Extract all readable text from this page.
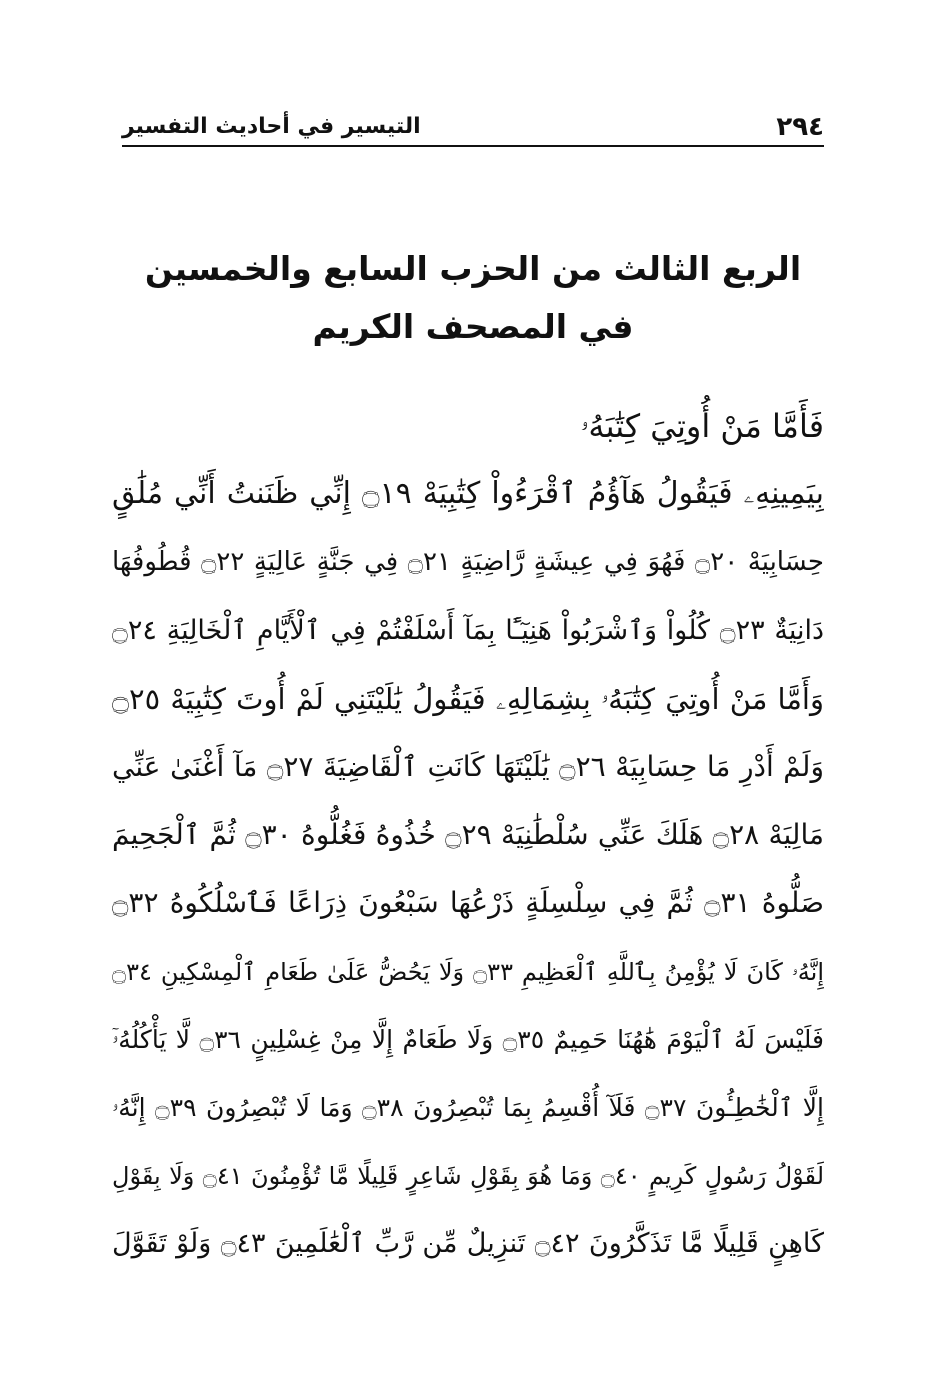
٢٩٤
التيسير في أحاديث التفسير
الربع الثالث من الحزب السابع والخمسين
في المصحف الكريم
فَأَمَّا مَنْ أُوتِيَ كِتَٰبَهُۥ
بِيَمِينِهِۦ فَيَقُولُ هَآؤُمُ ٱقْرَءُواْ كِتَٰبِيَهْ ۝١٩ إِنِّي ظَنَنتُ أَنِّي مُلَٰقٍ
حِسَابِيَهْ ۝٢٠ فَهُوَ فِي عِيشَةٍ رَّاضِيَةٍ ۝٢١ فِي جَنَّةٍ عَالِيَةٍ ۝٢٢ قُطُوفُهَا
دَانِيَةٌ ۝٢٣ كُلُواْ وَٱشْرَبُواْ هَنِيٓـًٔا بِمَآ أَسْلَفْتُمْ فِي ٱلْأَيَّامِ ٱلْخَالِيَةِ ۝٢٤
وَأَمَّا مَنْ أُوتِيَ كِتَٰبَهُۥ بِشِمَالِهِۦ فَيَقُولُ يَٰلَيْتَنِي لَمْ أُوتَ كِتَٰبِيَهْ ۝٢٥
وَلَمْ أَدْرِ مَا حِسَابِيَهْ ۝٢٦ يَٰلَيْتَهَا كَانَتِ ٱلْقَاضِيَةَ ۝٢٧ مَآ أَغْنَىٰ عَنِّي
مَالِيَهْ ۝٢٨ هَلَكَ عَنِّي سُلْطَٰنِيَهْ ۝٢٩ خُذُوهُ فَغُلُّوهُ ۝٣٠ ثُمَّ ٱلْجَحِيمَ
صَلُّوهُ ۝٣١ ثُمَّ فِي سِلْسِلَةٍ ذَرْعُهَا سَبْعُونَ ذِرَاعًا فَٱسْلُكُوهُ ۝٣٢
إِنَّهُۥ كَانَ لَا يُؤْمِنُ بِٱللَّهِ ٱلْعَظِيمِ ۝٣٣ وَلَا يَحُضُّ عَلَىٰ طَعَامِ ٱلْمِسْكِينِ ۝٣٤
فَلَيْسَ لَهُ ٱلْيَوْمَ هَٰهُنَا حَمِيمٌ ۝٣٥ وَلَا طَعَامٌ إِلَّا مِنْ غِسْلِينٍ ۝٣٦ لَّا يَأْكُلُهُۥٓ
إِلَّا ٱلْخَٰطِـُٔونَ ۝٣٧ فَلَآ أُقْسِمُ بِمَا تُبْصِرُونَ ۝٣٨ وَمَا لَا تُبْصِرُونَ ۝٣٩ إِنَّهُۥ
لَقَوْلُ رَسُولٍ كَرِيمٍ ۝٤٠ وَمَا هُوَ بِقَوْلِ شَاعِرٍ قَلِيلًا مَّا تُؤْمِنُونَ ۝٤١ وَلَا بِقَوْلِ
كَاهِنٍ قَلِيلًا مَّا تَذَكَّرُونَ ۝٤٢ تَنزِيلٌ مِّن رَّبِّ ٱلْعَٰلَمِينَ ۝٤٣ وَلَوْ تَقَوَّلَ
